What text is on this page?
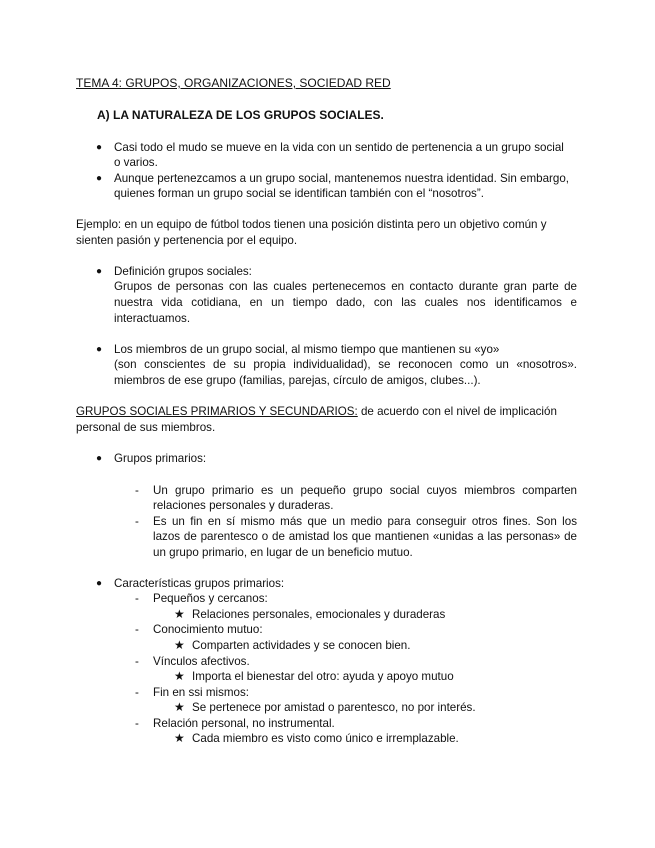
TEMA 4: GRUPOS, ORGANIZACIONES, SOCIEDAD RED
A) LA NATURALEZA DE LOS GRUPOS SOCIALES.
● Casi todo el mudo se mueve en la vida con un sentido de pertenencia a un grupo social
o varios.
● Aunque pertenezcamos a un grupo social, mantenemos nuestra identidad. Sin embargo,
quienes forman un grupo social se identifican también con el “nosotros”.
Ejemplo: en un equipo de fútbol todos tienen una posición distinta pero un objetivo común y
sienten pasión y pertenencia por el equipo.
● Definición grupos sociales:
Grupos de personas con las cuales pertenecemos en contacto durante gran parte de
nuestra vida cotidiana, en un tiempo dado, con las cuales nos identificamos e
interactuamos.
● Los miembros de un grupo social, al mismo tiempo que mantienen su «yo»
(son conscientes de su propia individualidad), se reconocen como un «nosotros».
miembros de ese grupo (familias, parejas, círculo de amigos, clubes...).
GRUPOS SOCIALES PRIMARIOS Y SECUNDARIOS: de acuerdo con el nivel de implicación
personal de sus miembros.
● Grupos primarios:
- Un grupo primario es un pequeño grupo social cuyos miembros comparten
relaciones personales y duraderas.
- Es un fin en sí mismo más que un medio para conseguir otros fines. Son los
lazos de parentesco o de amistad los que mantienen «unidas a las personas» de
un grupo primario, en lugar de un beneficio mutuo.
● Características grupos primarios:
- Pequeños y cercanos:
★ Relaciones personales, emocionales y duraderas
- Conocimiento mutuo:
★ Comparten actividades y se conocen bien.
- Vínculos afectivos.
★ Importa el bienestar del otro: ayuda y apoyo mutuo
- Fin en ssi mismos:
★ Se pertenece por amistad o parentesco, no por interés.
- Relación personal, no instrumental.
★ Cada miembro es visto como único e irremplazable.
